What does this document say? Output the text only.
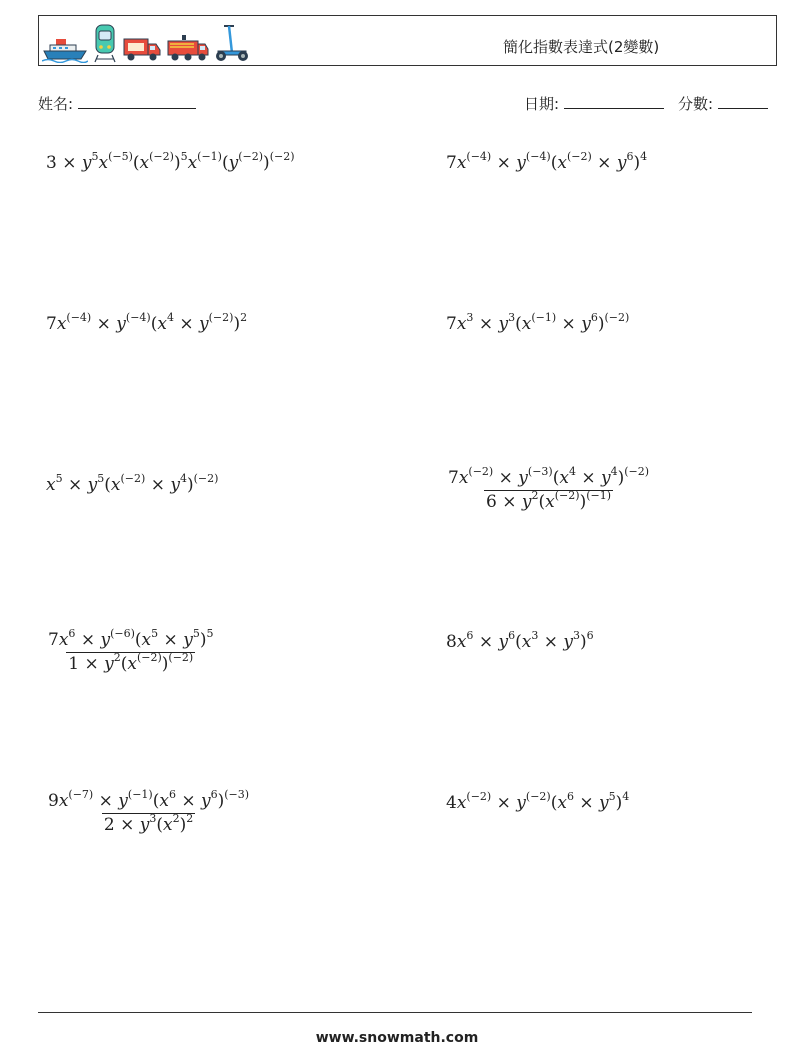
簡化指數表達式(2變數)
姓名:	日期:	分數:
$3 \times y^5x^{(-5)}(x^{(-2)})^5x^{(-1)}(y^{(-2)})^{(-2)}$	$7x^{(-4)} \times y^{(-4)}(x^{(-2)} \times y^6)^4$
$7x^{(-4)} \times y^{(-4)}(x^4 \times y^{(-2)})^2$	$7x^3 \times y^3(x^{(-1)} \times y^6)^{(-2)}$
$x^5 \times y^5(x^{(-2)} \times y^4)^{(-2)}$	$\frac{7x^{(-2)} \times y^{(-3)}(x^4 \times y^4)^{(-2)}}{6 \times y^2(x^{(-2)})^{(-1)}}$
$\frac{7x^6 \times y^{(-6)}(x^5 \times y^5)^5}{1 \times y^2(x^{(-2)})^{(-2)}}$	$8x^6 \times y^6(x^3 \times y^3)^6$
$\frac{9x^{(-7)} \times y^{(-1)}(x^6 \times y^6)^{(-3)}}{2 \times y^3(x^2)^2}$	$4x^{(-2)} \times y^{(-2)}(x^6 \times y^5)^4$
www.snowmath.com
